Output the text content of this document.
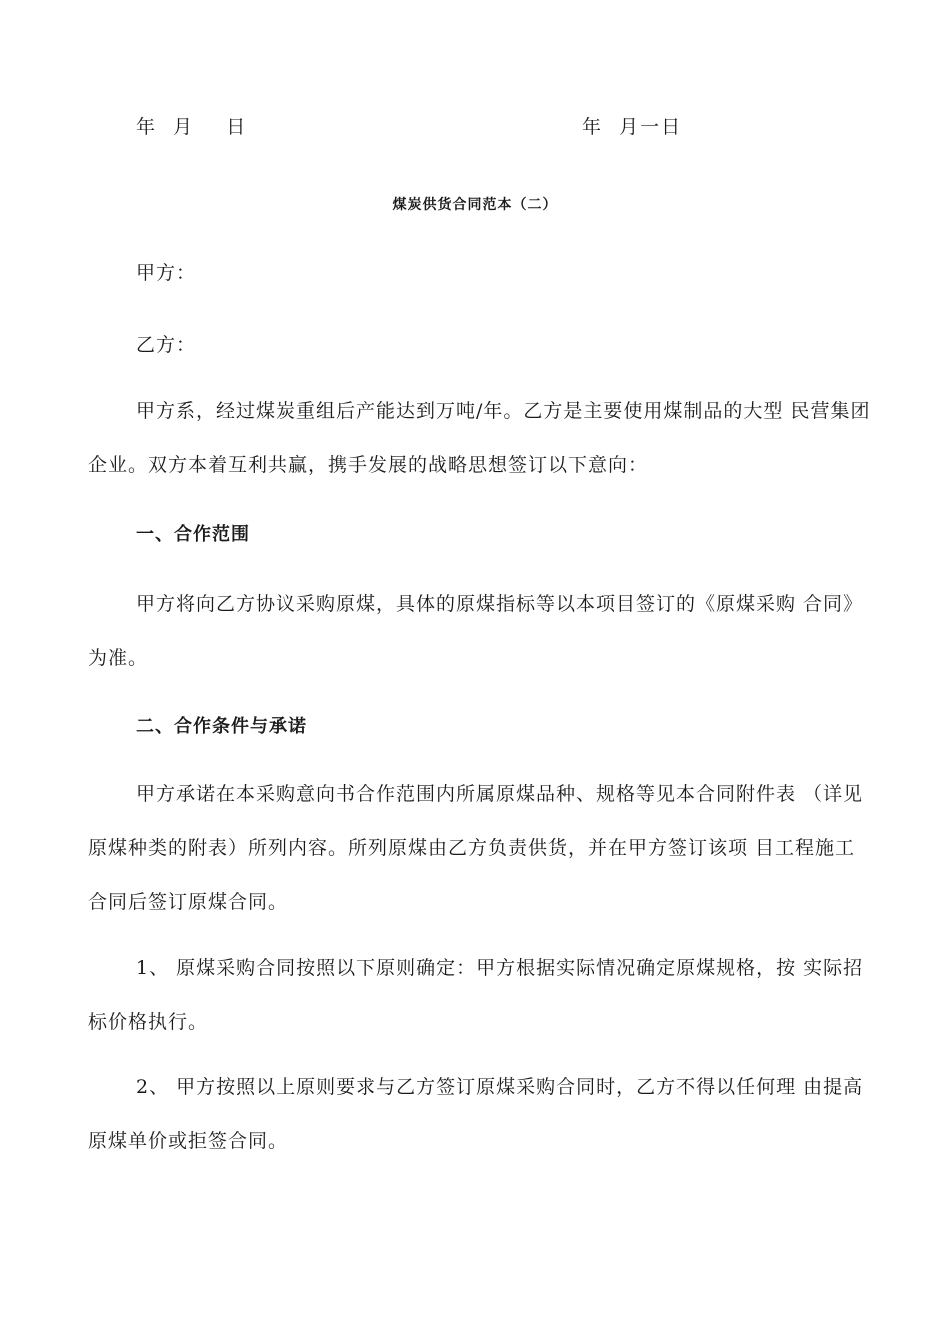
年  月    日	年  月一日
煤炭供货合同范本（二）
甲方：
乙方：
甲方系，经过煤炭重组后产能达到万吨/年。乙方是主要使用煤制品的大型 民营集团企业。双方本着互利共赢，携手发展的战略思想签订以下意向：
一、合作范围
甲方将向乙方协议采购原煤，具体的原煤指标等以本项目签订的《原煤采购 合同》为准。
二、合作条件与承诺
甲方承诺在本采购意向书合作范围内所属原煤品种、规格等见本合同附件表 （详见原煤种类的附表）所列内容。所列原煤由乙方负责供货，并在甲方签订该项 目工程施工合同后签订原煤合同。
1、 原煤采购合同按照以下原则确定：甲方根据实际情况确定原煤规格，按 实际招标价格执行。
2、 甲方按照以上原则要求与乙方签订原煤采购合同时，乙方不得以任何理 由提高原煤单价或拒签合同。
